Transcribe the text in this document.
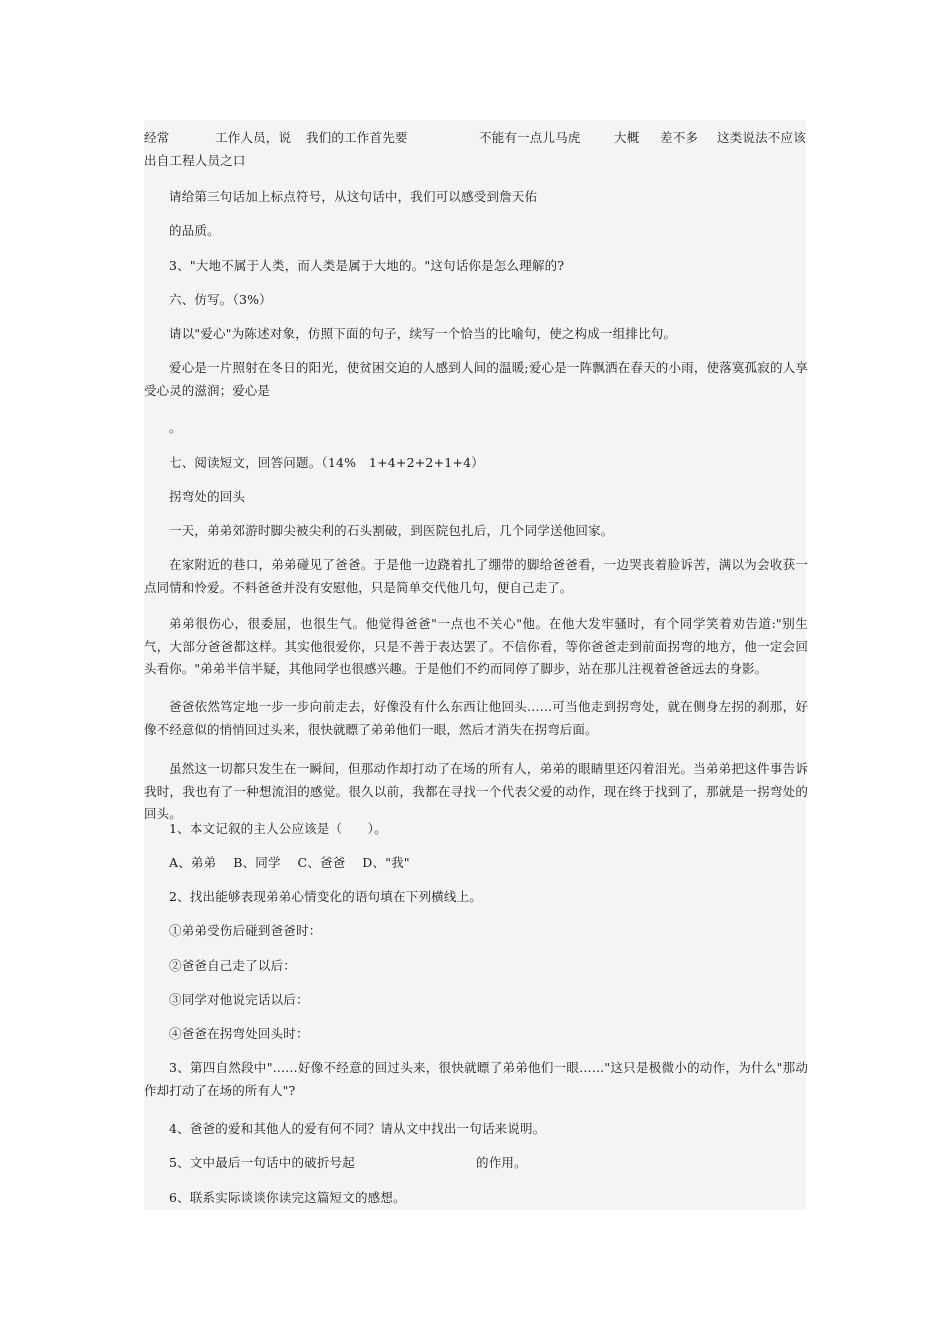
经常	工作人员，说 我们的工作首先要	不能有一点儿马虎	大概 差不多 这类说法不应该
出自工程人员之口
请给第三句话加上标点符号，从这句话中，我们可以感受到詹天佑
的品质。
3、"大地不属于人类，而人类是属于大地的。"这句话你是怎么理解的?
六、仿写。（3%）
请以"爱心"为陈述对象，仿照下面的句子，续写一个恰当的比喻句，使之构成一组排比句。
爱心是一片照射在冬日的阳光，使贫困交迫的人感到人间的温暖;爱心是一阵飘洒在春天的小雨，使落寞孤寂的人享受心灵的滋润；爱心是
。
七、阅读短文，回答问题。（14%　1+4+2+2+1+4）
拐弯处的回头
一天，弟弟郊游时脚尖被尖利的石头割破，到医院包扎后，几个同学送他回家。
在家附近的巷口，弟弟碰见了爸爸。于是他一边跷着扎了绷带的脚给爸爸看，一边哭丧着脸诉苦，满以为会收获一点同情和怜爱。不料爸爸并没有安慰他，只是简单交代他几句，便自己走了。
弟弟很伤心，很委屈，也很生气。他觉得爸爸"一点也不关心"他。在他大发牢骚时，有个同学笑着劝告道:"别生气，大部分爸爸都这样。其实他很爱你，只是不善于表达罢了。不信你看，等你爸爸走到前面拐弯的地方，他一定会回头看你。"弟弟半信半疑，其他同学也很感兴趣。于是他们不约而同停了脚步，站在那儿注视着爸爸远去的身影。
爸爸依然笃定地一步一步向前走去，好像没有什么东西让他回头……可当他走到拐弯处，就在侧身左拐的刹那，好像不经意似的悄悄回过头来，很快就瞟了弟弟他们一眼，然后才消失在拐弯后面。
虽然这一切都只发生在一瞬间，但那动作却打动了在场的所有人，弟弟的眼睛里还闪着泪光。当弟弟把这件事告诉我时，我也有了一种想流泪的感觉。很久以前，我都在寻找一个代表父爱的动作，现在终于找到了，那就是一拐弯处的回头。
1、本文记叙的主人公应该是（　　）。
A、弟弟　 B、同学　 C、爸爸　 D、"我"
2、找出能够表现弟弟心情变化的语句填在下列横线上。
①弟弟受伤后碰到爸爸时：
②爸爸自己走了以后：
③同学对他说完话以后：
④爸爸在拐弯处回头时：
3、第四自然段中"……好像不经意的回过头来，很快就瞟了弟弟他们一眼……"这只是极微小的动作，为什么"那动作却打动了在场的所有人"?
4、爸爸的爱和其他人的爱有何不同？请从文中找出一句话来说明。
5、文中最后一句话中的破折号起	的作用。
6、联系实际谈谈你读完这篇短文的感想。
